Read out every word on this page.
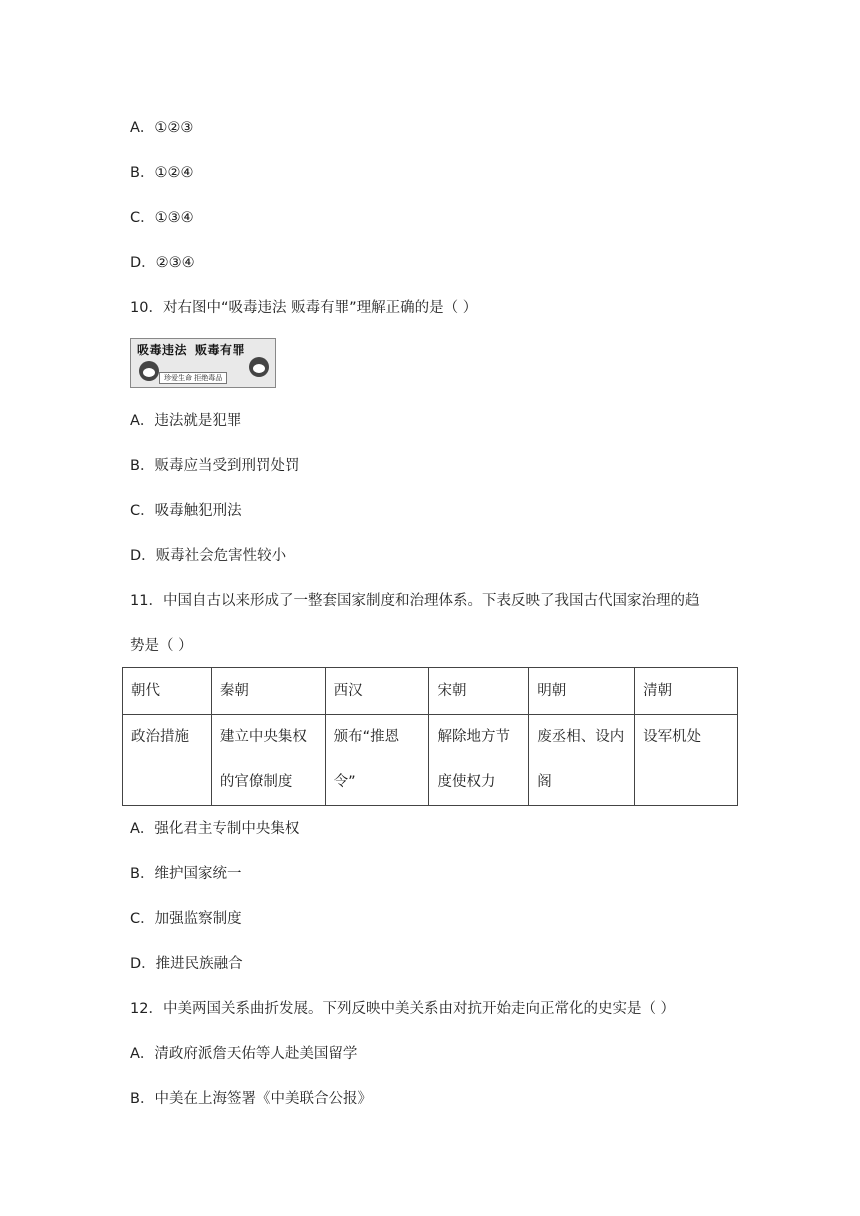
A．①②③
B．①②④
C．①③④
D．②③④
10．对右图中“吸毒违法 贩毒有罪”理解正确的是（ ）
吸毒违法 贩毒有罪
珍爱生命 拒绝毒品
A．违法就是犯罪
B．贩毒应当受到刑罚处罚
C．吸毒触犯刑法
D．贩毒社会危害性较小
11．中国自古以来形成了一整套国家制度和治理体系。下表反映了我国古代国家治理的趋
势是（ ）
朝代	秦朝	西汉	宋朝	明朝	清朝
政治措施	建立中央集权的官僚制度	颁布“推恩令”	解除地方节度使权力	废丞相、设内阁	设军机处
A．强化君主专制中央集权
B．维护国家统一
C．加强监察制度
D．推进民族融合
12．中美两国关系曲折发展。下列反映中美关系由对抗开始走向正常化的史实是（ ）
A．清政府派詹天佑等人赴美国留学
B．中美在上海签署《中美联合公报》
